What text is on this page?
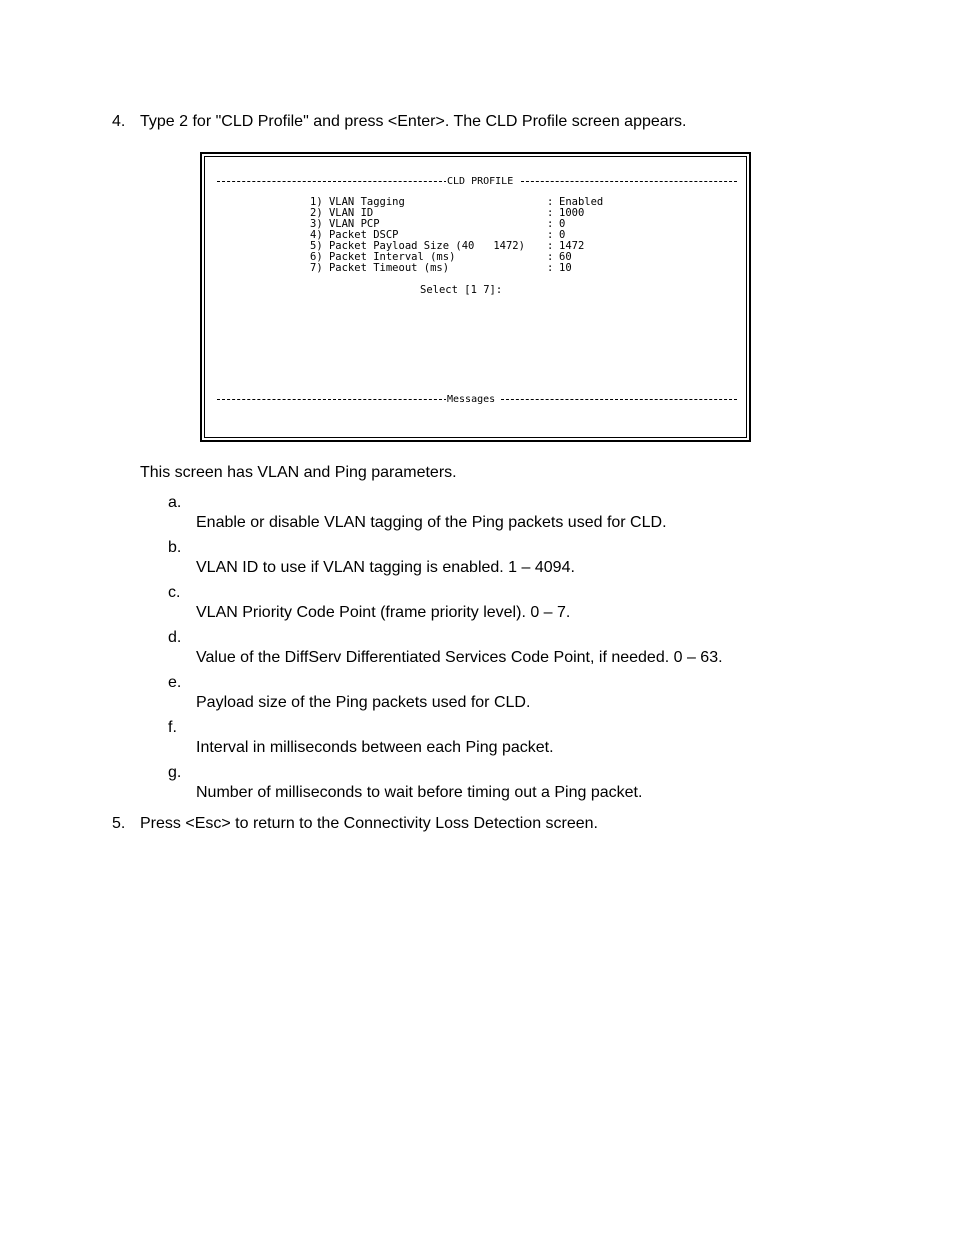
4. Type 2 for "CLD Profile" and press <Enter>. The CLD Profile screen appears.
CLD PROFILE
1) VLAN Tagging	: Enabled
2) VLAN ID	: 1000
3) VLAN PCP	: 0
4) Packet DSCP	: 0
5) Packet Payload Size (40   1472) : 1472
6) Packet Interval (ms)	: 60
7) Packet Timeout (ms)	: 10
Select [1 7]:
Messages
This screen has VLAN and Ping parameters.
a.
Enable or disable VLAN tagging of the Ping packets used for CLD.
b.
VLAN ID to use if VLAN tagging is enabled. 1 – 4094.
c.
VLAN Priority Code Point (frame priority level). 0 – 7.
d.
Value of the DiffServ Differentiated Services Code Point, if needed. 0 – 63.
e.
Payload size of the Ping packets used for CLD.
f.
Interval in milliseconds between each Ping packet.
g.
Number of milliseconds to wait before timing out a Ping packet.
5. Press <Esc> to return to the Connectivity Loss Detection screen.
